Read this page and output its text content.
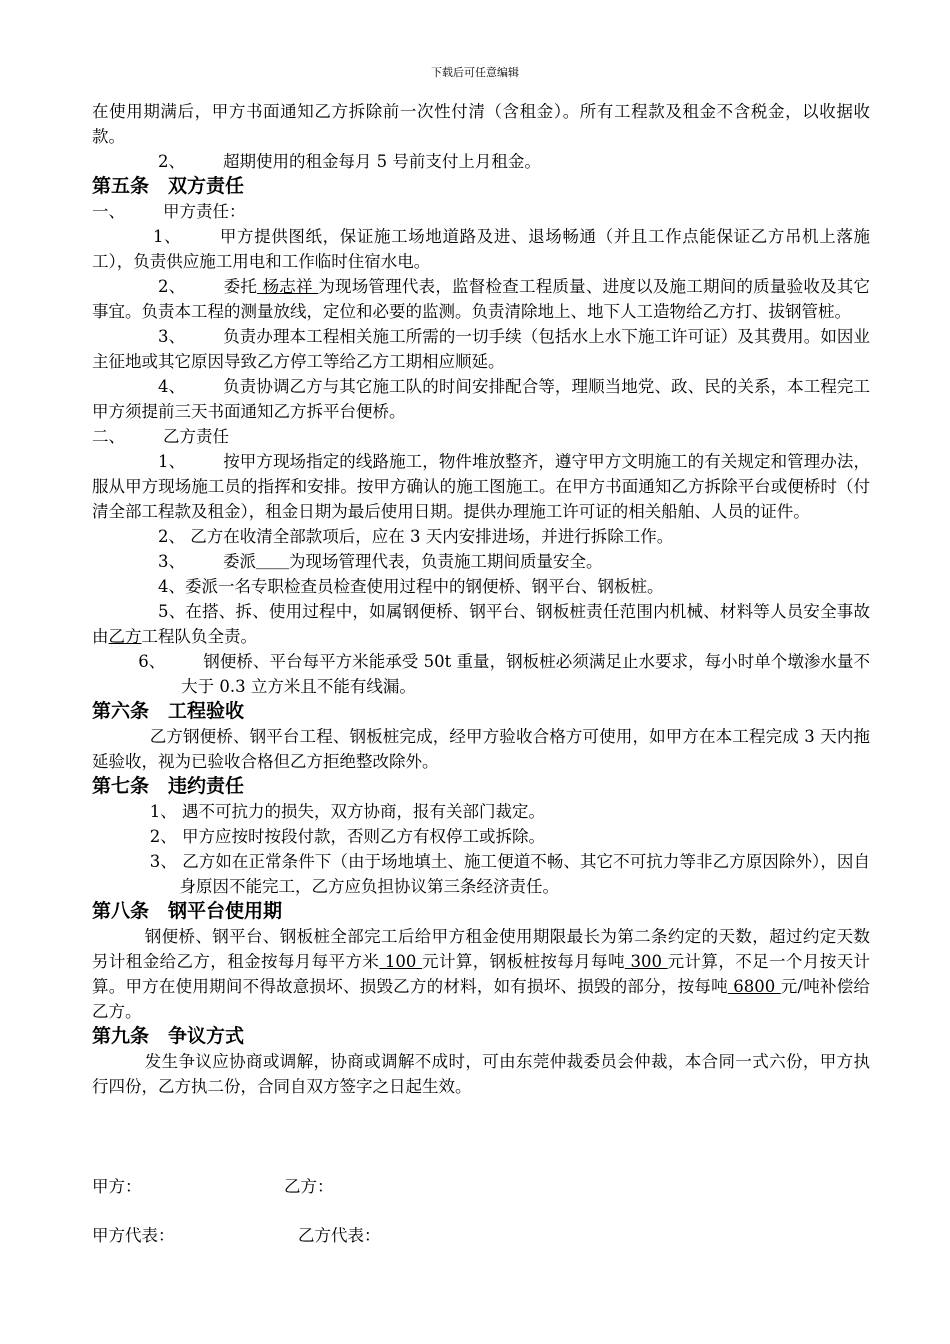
下载后可任意编辑

在使用期满后，甲方书面通知乙方拆除前一次性付清（含租金）。所有工程款及租金不含税金，以收据收款。

2、 超期使用的租金每月 5 号前支付上月租金。

第五条　双方责任

一、 甲方责任：

1、 甲方提供图纸，保证施工场地道路及进、退场畅通（并且工作点能保证乙方吊机上落施工），负责供应施工用电和工作临时住宿水电。

2、 委托 杨志祥 为现场管理代表，监督检查工程质量、进度以及施工期间的质量验收及其它事宜。负责本工程的测量放线，定位和必要的监测。负责清除地上、地下人工造物给乙方打、拔钢管桩。

3、 负责办理本工程相关施工所需的一切手续（包括水上水下施工许可证）及其费用。如因业主征地或其它原因导致乙方停工等给乙方工期相应顺延。

4、 负责协调乙方与其它施工队的时间安排配合等，理顺当地党、政、民的关系，本工程完工甲方须提前三天书面通知乙方拆平台便桥。

二、 乙方责任

1、 按甲方现场指定的线路施工，物件堆放整齐，遵守甲方文明施工的有关规定和管理办法，服从甲方现场施工员的指挥和安排。按甲方确认的施工图施工。在甲方书面通知乙方拆除平台或便桥时（付清全部工程款及租金），租金日期为最后使用日期。提供办理施工许可证的相关船舶、人员的证件。

2、 乙方在收清全部款项后，应在 3 天内安排进场，并进行拆除工作。

3、 委派＿＿为现场管理代表，负责施工期间质量安全。

4、委派一名专职检查员检查使用过程中的钢便桥、钢平台、钢板桩。

5、在搭、拆、使用过程中，如属钢便桥、钢平台、钢板桩责任范围内机械、材料等人员安全事故由乙方工程队负全责。

6、 钢便桥、平台每平方米能承受 50t 重量，钢板桩必须满足止水要求，每小时单个墩渗水量不大于 0.3 立方米且不能有线漏。

第六条　工程验收

乙方钢便桥、钢平台工程、钢板桩完成，经甲方验收合格方可使用，如甲方在本工程完成 3 天内拖延验收，视为已验收合格但乙方拒绝整改除外。

第七条　违约责任

1、 遇不可抗力的损失，双方协商，报有关部门裁定。

2、 甲方应按时按段付款，否则乙方有权停工或拆除。

3、 乙方如在正常条件下（由于场地填土、施工便道不畅、其它不可抗力等非乙方原因除外），因自身原因不能完工，乙方应负担协议第三条经济责任。

第八条　钢平台使用期

钢便桥、钢平台、钢板桩全部完工后给甲方租金使用期限最长为第二条约定的天数，超过约定天数另计租金给乙方，租金按每月每平方米 100 元计算，钢板桩按每月每吨 300 元计算，不足一个月按天计算。甲方在使用期间不得故意损坏、损毁乙方的材料，如有损坏、损毁的部分，按每吨 6800 元/吨补偿给乙方。

第九条　争议方式

发生争议应协商或调解，协商或调解不成时，可由东莞仲裁委员会仲裁，本合同一式六份，甲方执行四份，乙方执二份，合同自双方签字之日起生效。

甲方：	乙方：

甲方代表：	乙方代表：
